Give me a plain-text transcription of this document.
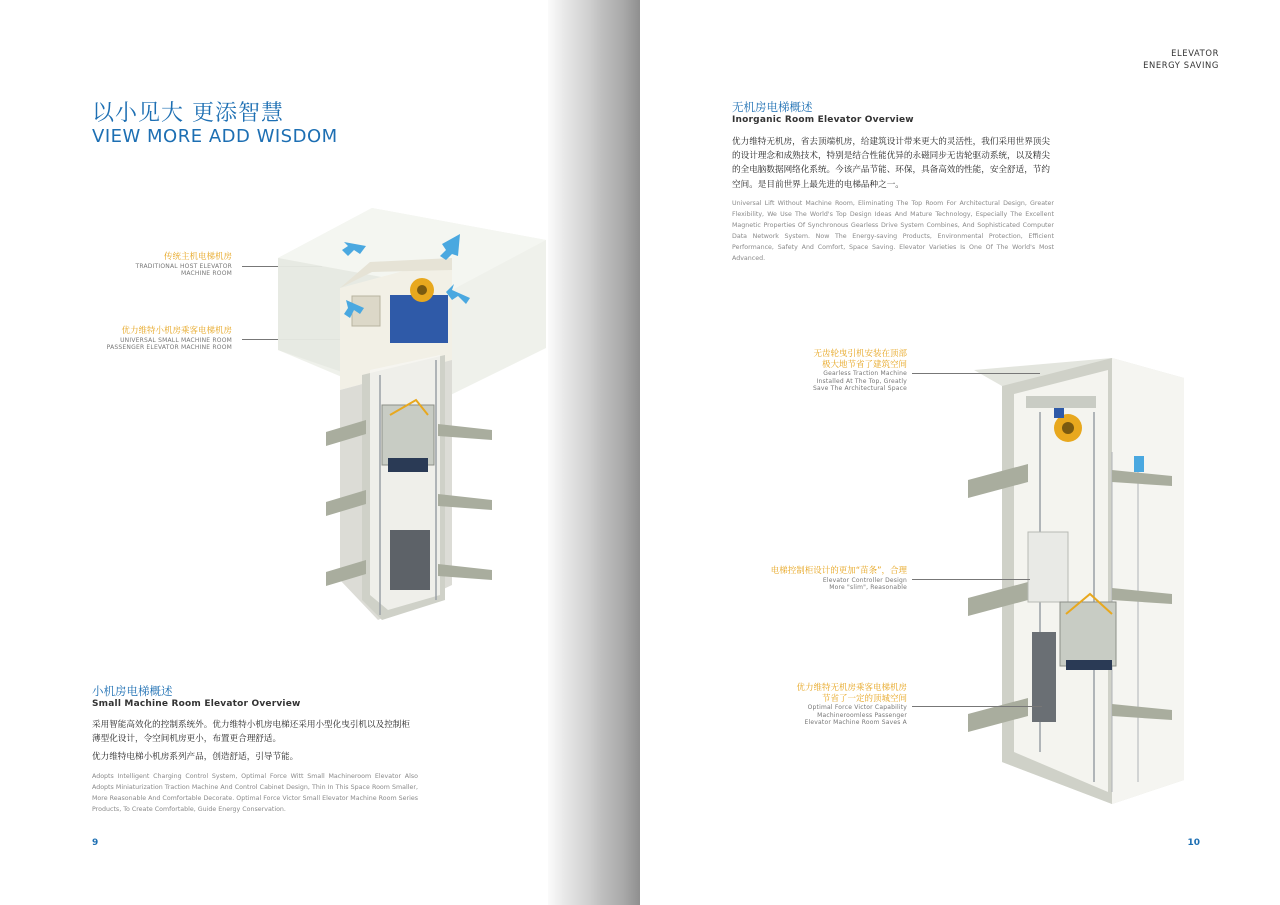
以小见大 更添智慧
VIEW MORE ADD WISDOM
传统主机电梯机房
TRADITIONAL HOST ELEVATOR
MACHINE ROOM
优力维特小机房乘客电梯机房
UNIVERSAL SMALL MACHINE ROOM
PASSENGER ELEVATOR MACHINE ROOM
小机房电梯概述
Small Machine Room Elevator Overview
采用智能高效化的控制系统外。优力维特小机房电梯还采用小型化曳引机以及控制柜薄型化设计，令空间机房更小，布置更合理舒适。
优力维特电梯小机房系列产品，创造舒适，引导节能。
Adopts Intelligent Charging Control System, Optimal Force Witt Small Machineroom Elevator Also Adopts Miniaturization Traction Machine And Control Cabinet Design, Thin In This Space Room Smaller, More Reasonable And Comfortable Decorate. Optimal Force Victor Small Elevator Machine Room Series Products, To Create Comfortable, Guide Energy Conservation.
9
ELEVATOR
ENERGY SAVING
无机房电梯概述
Inorganic Room Elevator Overview
优力维特无机房，省去顶端机房，给建筑设计带来更大的灵活性，我们采用世界顶尖的设计理念和成熟技术，特别是结合性能优异的永磁同步无齿轮驱动系统，以及精尖的全电脑数据网络化系统。今该产品节能、环保，具备高效的性能，安全舒适，节约空间。是目前世界上最先进的电梯品种之一。
Universal Lift Without Machine Room, Eliminating The Top Room For Architectural Design, Greater Flexibility, We Use The World's Top Design Ideas And Mature Technology, Especially The Excellent Magnetic Properties Of Synchronous Gearless Drive System Combines, And Sophisticated Computer Data Network System. Now The Energy-saving Products, Environmental Protection, Efficient Performance, Safety And Comfort, Space Saving. Elevator Varieties Is One Of The World's Most Advanced.
无齿轮曳引机安装在顶部
极大地节省了建筑空间
Gearless Traction Machine
Installed At The Top, Greatly
Save The Architectural Space
电梯控制柜设计的更加“苗条”，合理
Elevator Controller Design
More "slim", Reasonable
优力维特无机房乘客电梯机房
节省了一定的顶城空间
Optimal Force Victor Capability
Machineroomless Passenger
Elevator Machine Room Saves A
10
